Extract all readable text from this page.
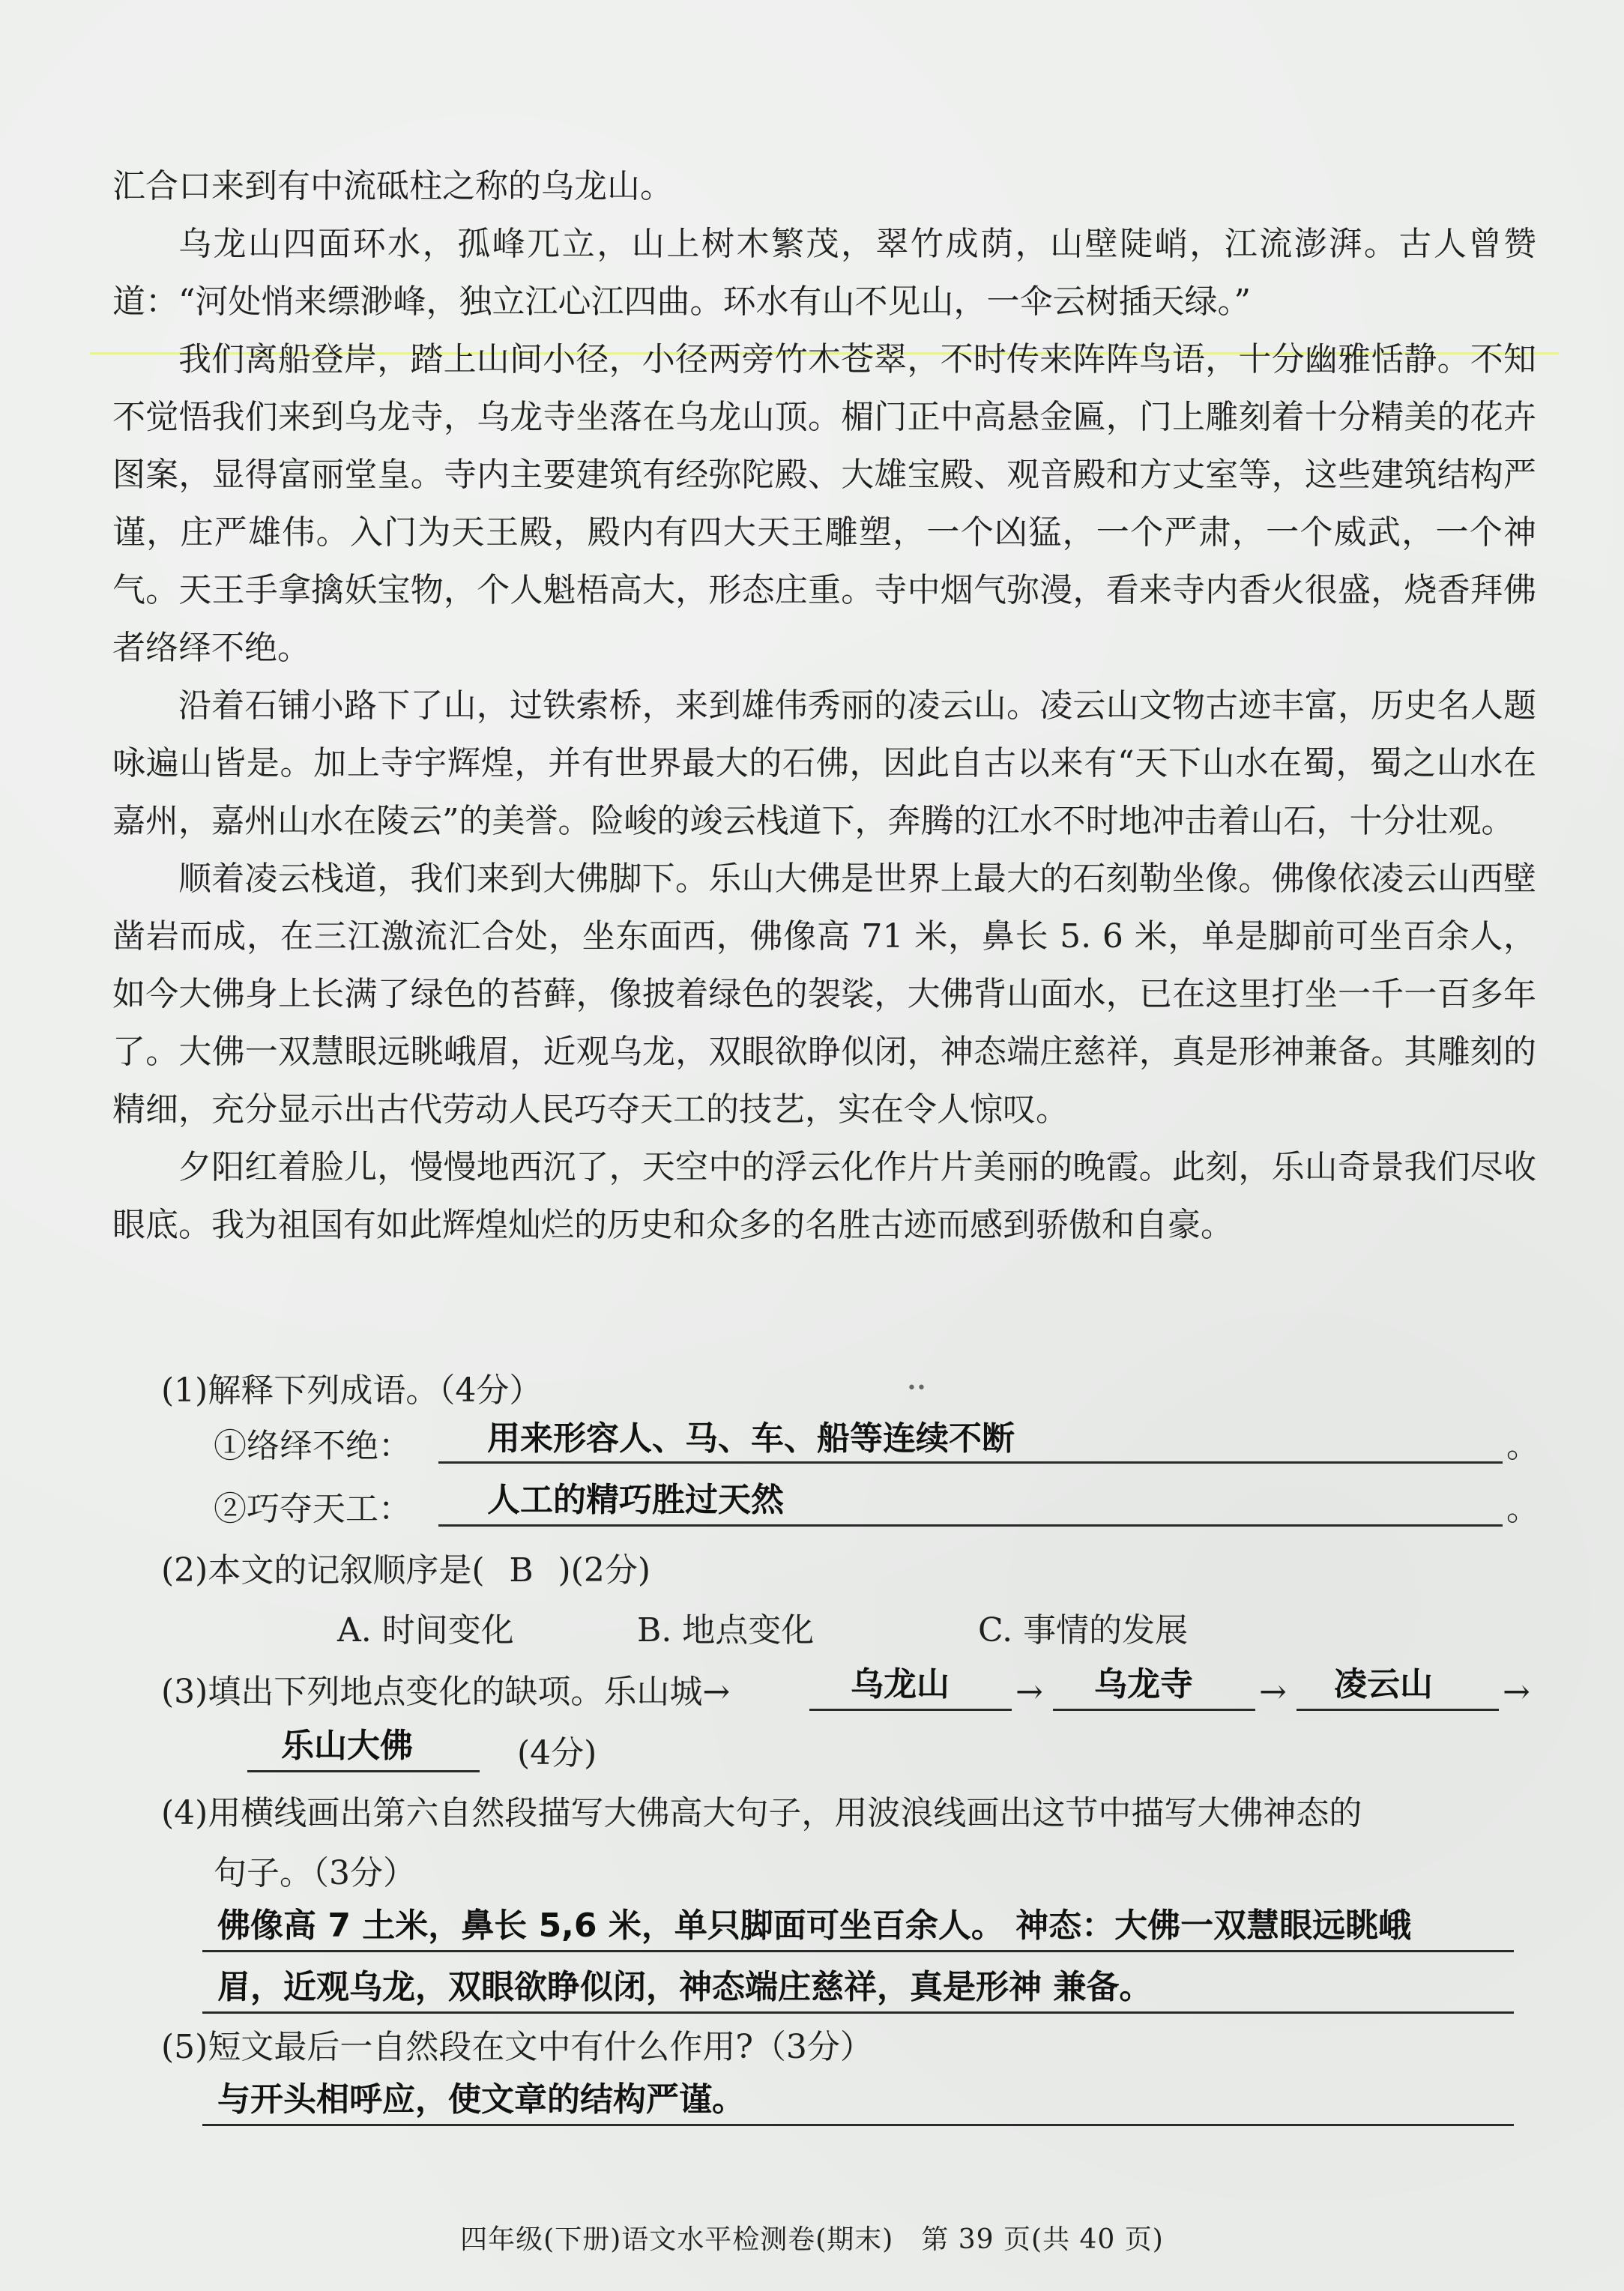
汇合口来到有中流砥柱之称的乌龙山。

乌龙山四面环水，孤峰兀立，山上树木繁茂，翠竹成荫，山壁陡峭，江流澎湃。古人曾赞道：“河处悄来缥渺峰，独立江心江四曲。环水有山不见山，一伞云树插天绿。”

我们离船登岸，踏上山间小径，小径两旁竹木苍翠，不时传来阵阵鸟语，十分幽雅恬静。不知不觉悟我们来到乌龙寺，乌龙寺坐落在乌龙山顶。楣门正中高悬金匾，门上雕刻着十分精美的花卉图案，显得富丽堂皇。寺内主要建筑有经弥陀殿、大雄宝殿、观音殿和方丈室等，这些建筑结构严谨，庄严雄伟。入门为天王殿，殿内有四大天王雕塑，一个凶猛，一个严肃，一个威武，一个神气。天王手拿擒妖宝物，个人魁梧高大，形态庄重。寺中烟气弥漫，看来寺内香火很盛，烧香拜佛者络绎不绝。

沿着石铺小路下了山，过铁索桥，来到雄伟秀丽的凌云山。凌云山文物古迹丰富，历史名人题咏遍山皆是。加上寺宇辉煌，并有世界最大的石佛，因此自古以来有“天下山水在蜀，蜀之山水在嘉州，嘉州山水在陵云”的美誉。险峻的竣云栈道下，奔腾的江水不时地冲击着山石，十分壮观。

顺着凌云栈道，我们来到大佛脚下。乐山大佛是世界上最大的石刻勒坐像。佛像依凌云山西壁凿岩而成，在三江激流汇合处，坐东面西，佛像高 71 米，鼻长 5. 6 米，单是脚前可坐百余人，如今大佛身上长满了绿色的苔藓，像披着绿色的袈裟，大佛背山面水，已在这里打坐一千一百多年了。大佛一双慧眼远眺峨眉，近观乌龙，双眼欲睁似闭，神态端庄慈祥，真是形神兼备。其雕刻的精细，充分显示出古代劳动人民巧夺天工的技艺，实在令人惊叹。

夕阳红着脸儿，慢慢地西沉了，天空中的浮云化作片片美丽的晚霞。此刻，乐山奇景我们尽收眼底。我为祖国有如此辉煌灿烂的历史和众多的名胜古迹而感到骄傲和自豪。

••
(1)解释下列成语。（4分）
①络绎不绝： 用来形容人、马、车、船等连续不断	。
②巧夺天工： 人工的精巧胜过天然	。
(2)本文的记叙顺序是( B )(2分)
A. 时间变化	B. 地点变化	C. 事情的发展
(3)填出下列地点变化的缺项。乐山城→	乌龙山 → 乌龙寺 → 凌云山 →
乐山大佛	(4分)
(4)用横线画出第六自然段描写大佛高大句子，用波浪线画出这节中描写大佛神态的
句子。（3分）
佛像高 7 土米，鼻长 5,6 米，单只脚面可坐百余人。 神态：大佛一双慧眼远眺峨
眉，近观乌龙，双眼欲睁似闭，神态端庄慈祥，真是形神 兼备。
(5)短文最后一自然段在文中有什么作用?（3分）
与开头相呼应，使文章的结构严谨。
四年级(下册)语文水平检测卷(期末)　第 39 页(共 40 页)
